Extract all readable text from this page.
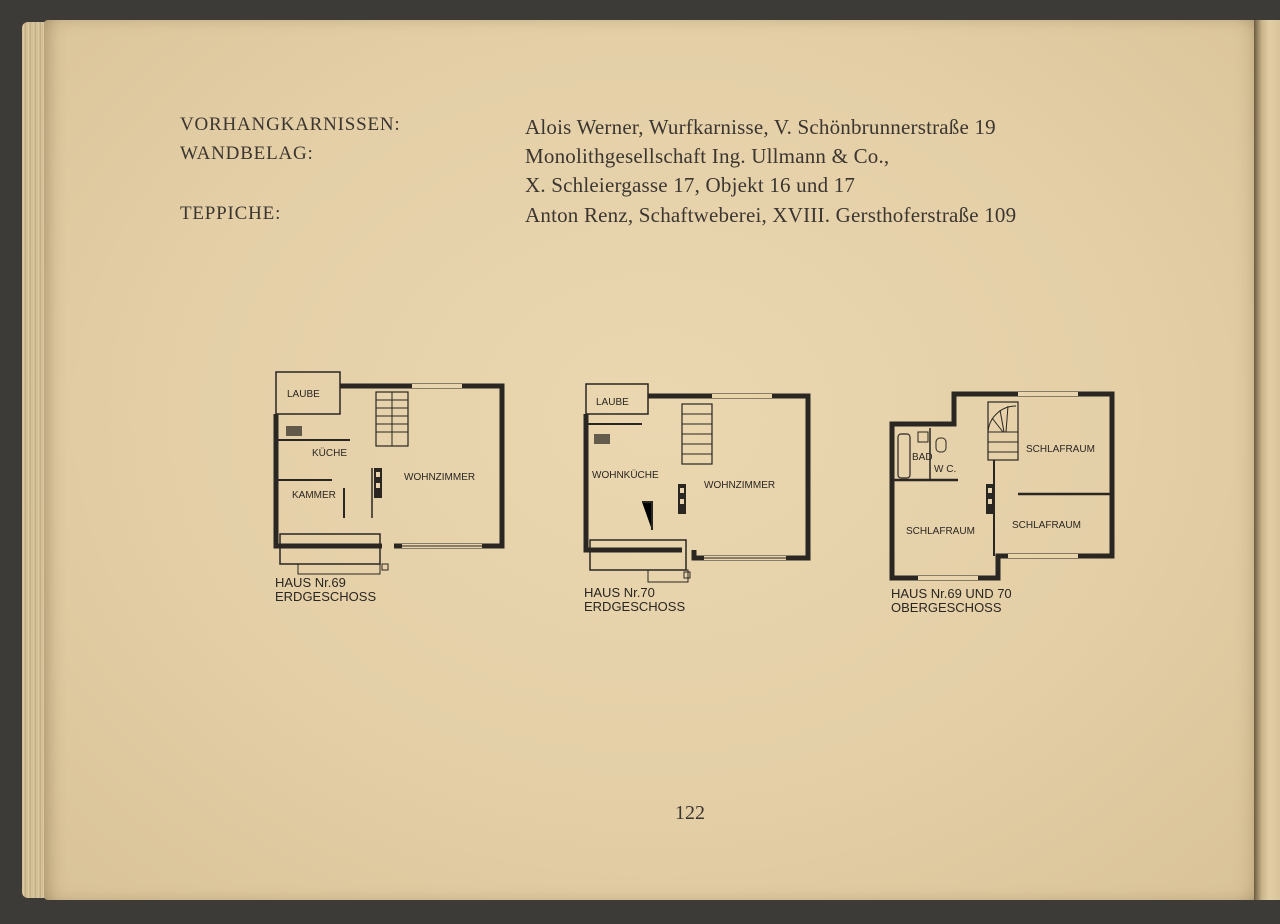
VORHANGKARNISSEN:	Alois Werner, Wurfkarnisse, V. Schönbrunnerstraße 19
WANDBELAG:	Monolithgesellschaft Ing. Ullmann & Co.,
X. Schleiergasse 17, Objekt 16 und 17
TEPPICHE:	Anton Renz, Schaftweberei, XVIII. Gersthoferstraße 109
LAUBE
KÜCHE
KAMMER
WOHNZIMMER
HAUS Nr.69
ERDGESCHOSS
LAUBE
WOHNKÜCHE
WOHNZIMMER
HAUS Nr.70
ERDGESCHOSS
BAD
W C.
SCHLAFRAUM
SCHLAFRAUM
SCHLAFRAUM
HAUS Nr.69 UND 70
OBERGESCHOSS
122
